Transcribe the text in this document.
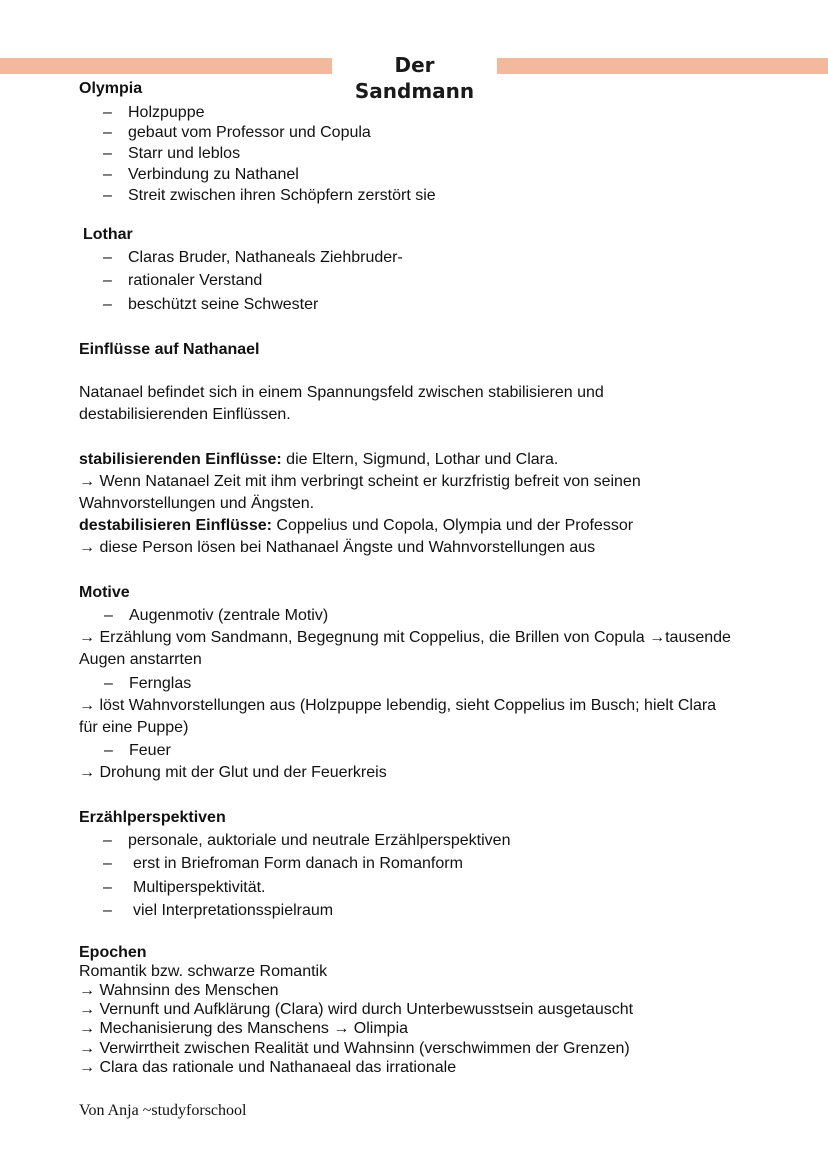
Der Sandmann
Olympia
– Holzpuppe
– gebaut vom Professor und Copula
– Starr und leblos
– Verbindung zu Nathanel
– Streit zwischen ihren Schöpfern zerstört sie
Lothar
– Claras Bruder, Nathaneals Ziehbruder-
– rationaler Verstand
– beschützt seine Schwester
Einflüsse auf Nathanael
Natanael befindet sich in einem Spannungsfeld zwischen stabilisieren und
destabilisierenden Einflüssen.
stabilisierenden Einflüsse: die Eltern, Sigmund, Lothar und Clara.
→ Wenn Natanael Zeit mit ihm verbringt scheint er kurzfristig befreit von seinen
Wahnvorstellungen und Ängsten.
destabilisieren Einflüsse: Coppelius und Copola, Olympia und der Professor
→ diese Person lösen bei Nathanael Ängste und Wahnvorstellungen aus
Motive
– Augenmotiv (zentrale Motiv)
→ Erzählung vom Sandmann, Begegnung mit Coppelius, die Brillen von Copula →tausende
Augen anstarrten
– Fernglas
→ löst Wahnvorstellungen aus (Holzpuppe lebendig, sieht Coppelius im Busch; hielt Clara
für eine Puppe)
– Feuer
→ Drohung mit der Glut und der Feuerkreis
Erzählperspektiven
– personale, auktoriale und neutrale Erzählperspektiven
– erst in Briefroman Form danach in Romanform
– Multiperspektivität.
– viel Interpretationsspielraum
Epochen
Romantik bzw. schwarze Romantik
→ Wahnsinn des Menschen
→ Vernunft und Aufklärung (Clara) wird durch Unterbewusstsein ausgetauscht
→ Mechanisierung des Manschens → Olimpia
→ Verwirrtheit zwischen Realität und Wahnsinn (verschwimmen der Grenzen)
→ Clara das rationale und Nathanaeal das irrationale
Von Anja ~studyforschool
